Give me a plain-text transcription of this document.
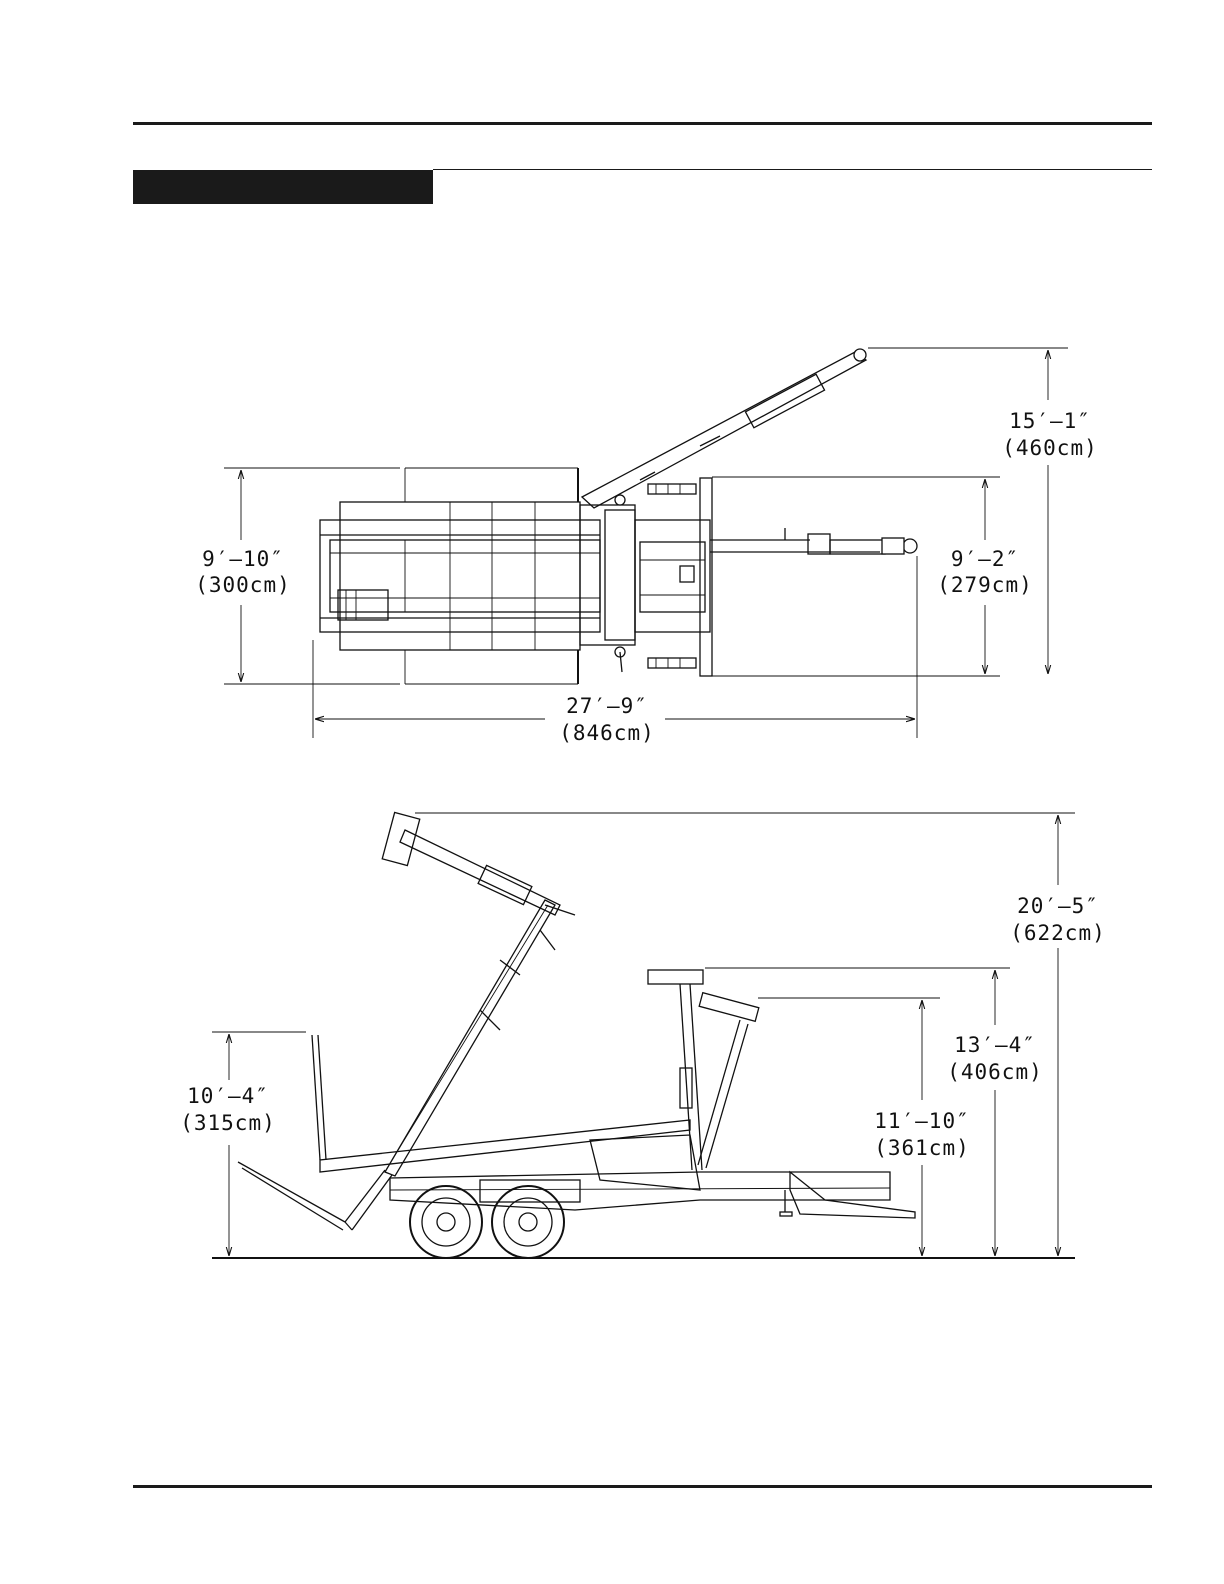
9′–10″
(300cm)
9′–2″
(279cm)
15′–1″
(460cm)
27′–9″
(846cm)
10′–4″
(315cm)
20′–5″
(622cm)
13′–4″
(406cm)
11′–10″
(361cm)
